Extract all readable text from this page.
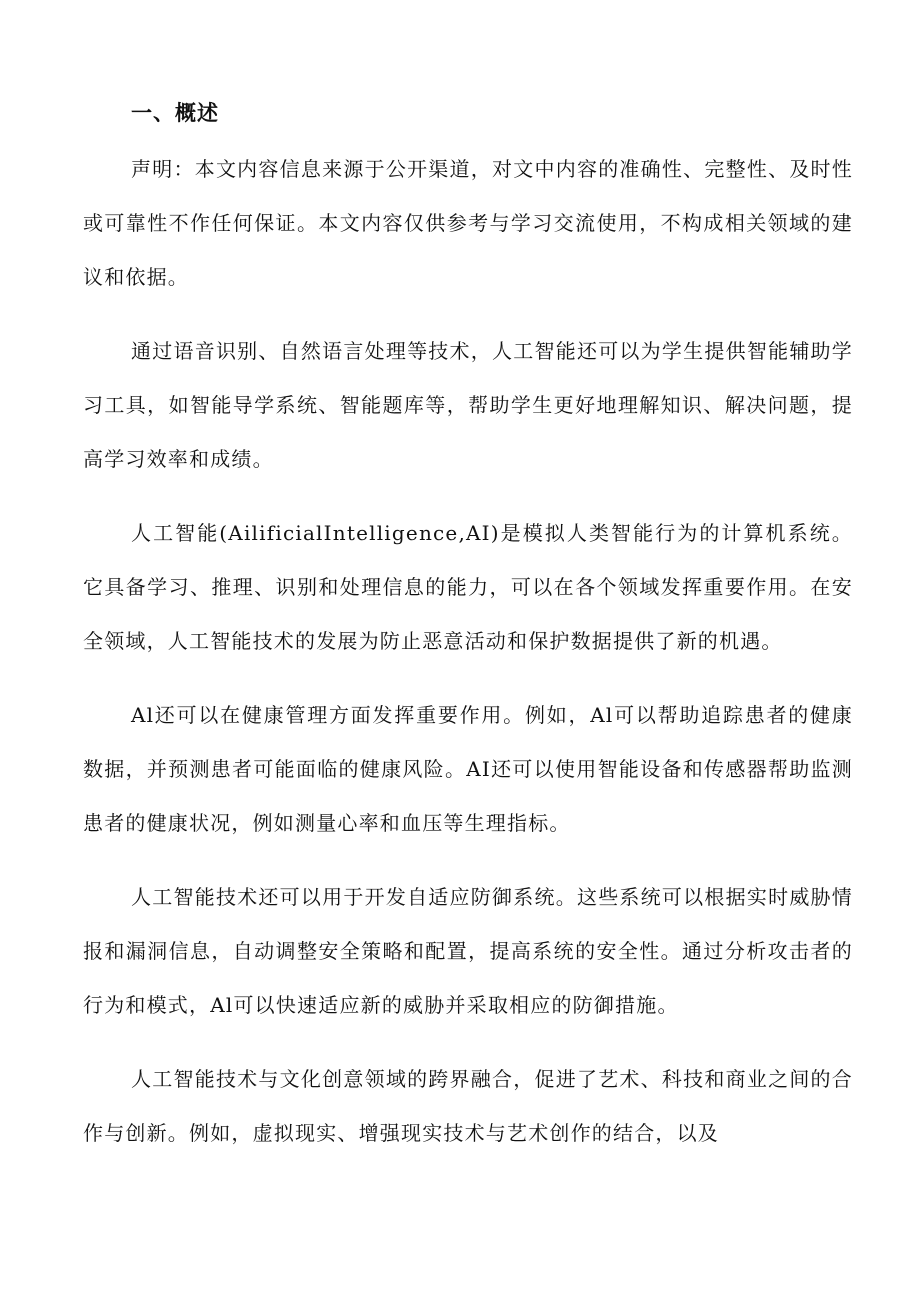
一、概述

声明：本文内容信息来源于公开渠道，对文中内容的准确性、完整性、及时性或可靠性不作任何保证。本文内容仅供参考与学习交流使用，不构成相关领域的建议和依据。

通过语音识别、自然语言处理等技术，人工智能还可以为学生提供智能辅助学习工具，如智能导学系统、智能题库等，帮助学生更好地理解知识、解决问题，提高学习效率和成绩。

人工智能(AilificialIntelligence,AI)是模拟人类智能行为的计算机系统。它具备学习、推理、识别和处理信息的能力，可以在各个领域发挥重要作用。在安全领域，人工智能技术的发展为防止恶意活动和保护数据提供了新的机遇。

Al还可以在健康管理方面发挥重要作用。例如，Al可以帮助追踪患者的健康数据，并预测患者可能面临的健康风险。AI还可以使用智能设备和传感器帮助监测患者的健康状况，例如测量心率和血压等生理指标。

人工智能技术还可以用于开发自适应防御系统。这些系统可以根据实时威胁情报和漏洞信息，自动调整安全策略和配置，提高系统的安全性。通过分析攻击者的行为和模式，Al可以快速适应新的威胁并采取相应的防御措施。

人工智能技术与文化创意领域的跨界融合，促进了艺术、科技和商业之间的合作与创新。例如，虚拟现实、增强现实技术与艺术创作的结合，以及
